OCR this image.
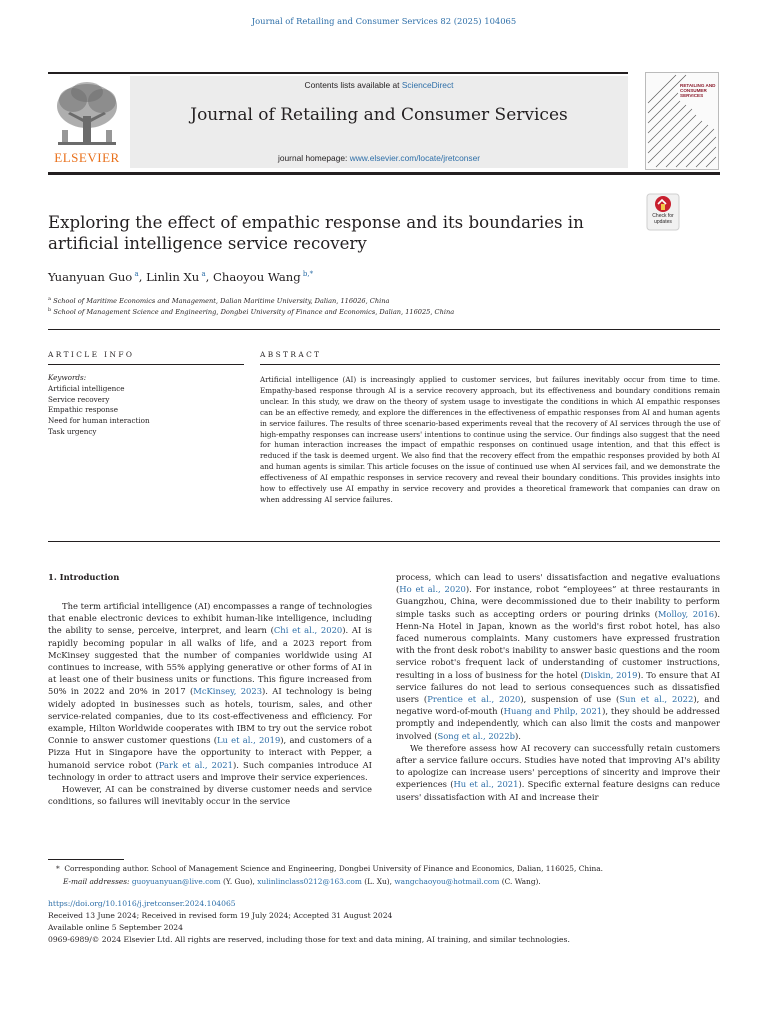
Journal of Retailing and Consumer Services 82 (2025) 104065
ELSEVIER
Contents lists available at ScienceDirect
Journal of Retailing and Consumer Services
journal homepage: www.elsevier.com/locate/jretconser
RETAILING AND CONSUMER SERVICES
Exploring the effect of empathic response and its boundaries in artificial intelligence service recovery
Check for updates
Yuanyuan Guo $^a$, Linlin Xu $^a$, Chaoyou Wang $^{b,*}$
$^a$ School of Maritime Economics and Management, Dalian Maritime University, Dalian, 116026, China
$^b$ School of Management Science and Engineering, Dongbei University of Finance and Economics, Dalian, 116025, China
ARTICLE INFO	ABSTRACT
Keywords:
Artificial intelligence
Service recovery
Empathic response
Need for human interaction
Task urgency
Artificial intelligence (AI) is increasingly applied to customer services, but failures inevitably occur from time to time. Empathy-based response through AI is a service recovery approach, but its effectiveness and boundary conditions remain unclear. In this study, we draw on the theory of system usage to investigate the conditions in which AI empathic responses can be an effective remedy, and explore the differences in the effectiveness of empathic responses from AI and human agents in service failures. The results of three scenario-based experiments reveal that the recovery of AI services through the use of high-empathy responses can increase users' intentions to continue using the service. Our findings also suggest that the need for human interaction increases the impact of empathic responses on continued usage intention, and that this effect is reduced if the task is deemed urgent. We also find that the recovery effect from the empathic responses provided by both AI and human agents is similar. This article focuses on the issue of continued use when AI services fail, and we demonstrate the effectiveness of AI empathic responses in service recovery and reveal their boundary conditions. This provides insights into how to effectively use AI empathy in service recovery and provides a theoretical framework that companies can draw on when addressing AI service failures.
1. Introduction

The term artificial intelligence (AI) encompasses a range of technologies that enable electronic devices to exhibit human-like intelligence, including the ability to sense, perceive, interpret, and learn (Chi et al., 2020). AI is rapidly becoming popular in all walks of life, and a 2023 report from McKinsey suggested that the number of companies worldwide using AI continues to increase, with 55% applying generative or other forms of AI in at least one of their business units or functions. This figure increased from 50% in 2022 and 20% in 2017 (McKinsey, 2023). AI technology is being widely adopted in businesses such as hotels, tourism, sales, and other service-related companies, due to its cost-effectiveness and efficiency. For example, Hilton Worldwide cooperates with IBM to try out the service robot Connie to answer customer questions (Lu et al., 2019), and customers of a Pizza Hut in Singapore have the opportunity to interact with Pepper, a humanoid service robot (Park et al., 2021). Such companies introduce AI technology in order to attract users and improve their service experiences.

However, AI can be constrained by diverse customer needs and service conditions, so failures will inevitably occur in the service

process, which can lead to users' dissatisfaction and negative evaluations (Ho et al., 2020). For instance, robot “employees” at three restaurants in Guangzhou, China, were decommissioned due to their inability to perform simple tasks such as accepting orders or pouring drinks (Molloy, 2016). Henn-Na Hotel in Japan, known as the world's first robot hotel, has also faced numerous complaints. Many customers have expressed frustration with the front desk robot's inability to answer basic questions and the room service robot's frequent lack of understanding of customer instructions, resulting in a loss of business for the hotel (Diskin, 2019). To ensure that AI service failures do not lead to serious consequences such as dissatisfied users (Prentice et al., 2020), suspension of use (Sun et al., 2022), and negative word-of-mouth (Huang and Philp, 2021), they should be addressed promptly and independently, which can also limit the costs and manpower involved (Song et al., 2022b).

We therefore assess how AI recovery can successfully retain customers after a service failure occurs. Studies have noted that improving AI's ability to apologize can increase users' perceptions of sincerity and improve their experiences (Hu et al., 2021). Specific external feature designs can reduce users' dissatisfaction with AI and increase their

*  Corresponding author. School of Management Science and Engineering, Dongbei University of Finance and Economics, Dalian, 116025, China.
E-mail addresses: guoyuanyuan@live.com (Y. Guo), xulinlinclass0212@163.com (L. Xu), wangchaoyou@hotmail.com (C. Wang).
https://doi.org/10.1016/j.jretconser.2024.104065
Received 13 June 2024; Received in revised form 19 July 2024; Accepted 31 August 2024
Available online 5 September 2024
0969-6989/© 2024 Elsevier Ltd. All rights are reserved, including those for text and data mining, AI training, and similar technologies.
